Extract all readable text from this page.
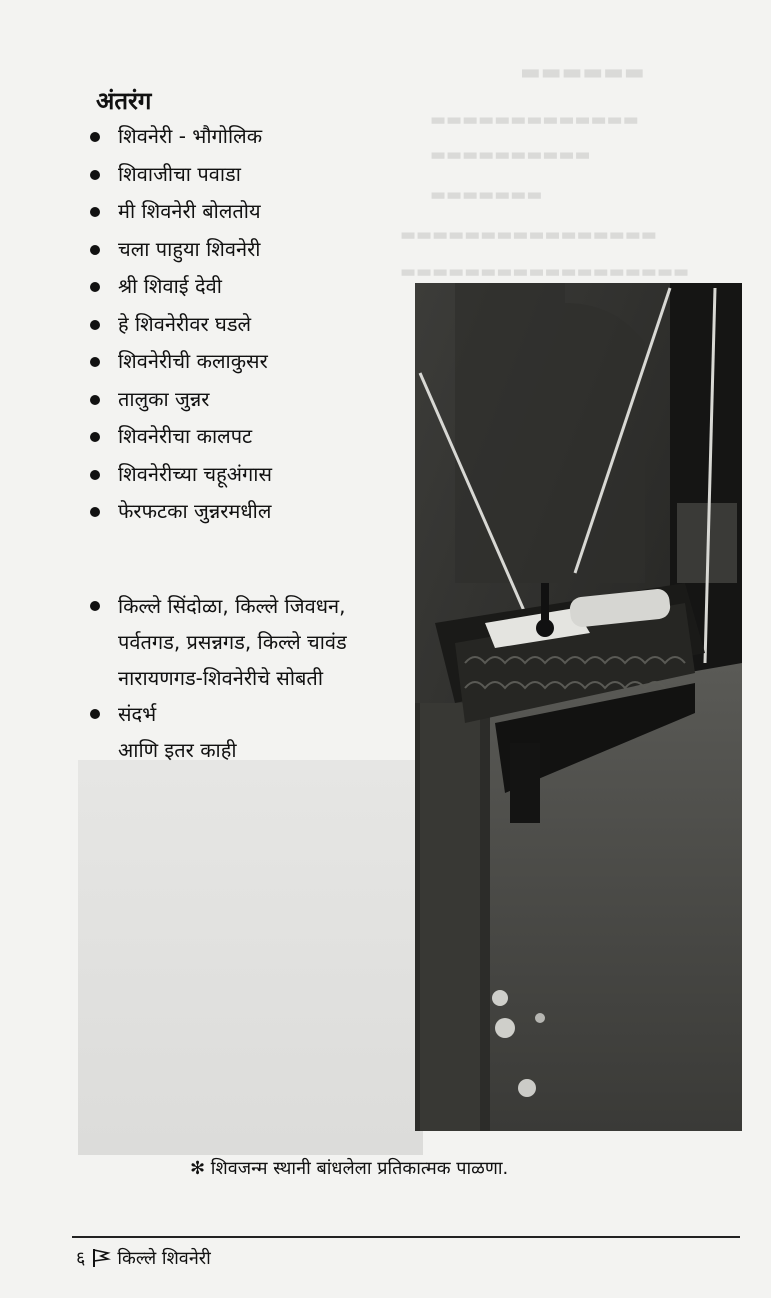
▬▬▬▬▬▬
▬▬▬▬▬▬▬▬▬▬▬▬▬
▬▬▬▬▬▬▬▬▬▬
▬▬▬▬▬▬▬
▬▬▬▬▬▬▬▬▬▬▬▬▬▬▬▬
▬▬▬▬▬▬▬▬▬▬▬▬▬▬▬▬▬▬
अंतरंग
शिवनेरी - भौगोलिक
शिवाजीचा पवाडा
मी शिवनेरी बोलतोय
चला पाहुया शिवनेरी
श्री शिवाई देवी
हे शिवनेरीवर घडले
शिवनेरीची कलाकुसर
तालुका जुन्नर
शिवनेरीचा कालपट
शिवनेरीच्या चहूअंगास
फेरफटका जुन्नरमधील
किल्ले सिंदोळा, किल्ले जिवधन,
पर्वतगड, प्रसन्नगड, किल्ले चावंड
नारायणगड-शिवनेरीचे सोबती
संदर्भ
आणि इतर काही
✻ शिवजन्म स्थानी बांधलेला प्रतिकात्मक पाळणा.
६ किल्ले शिवनेरी
